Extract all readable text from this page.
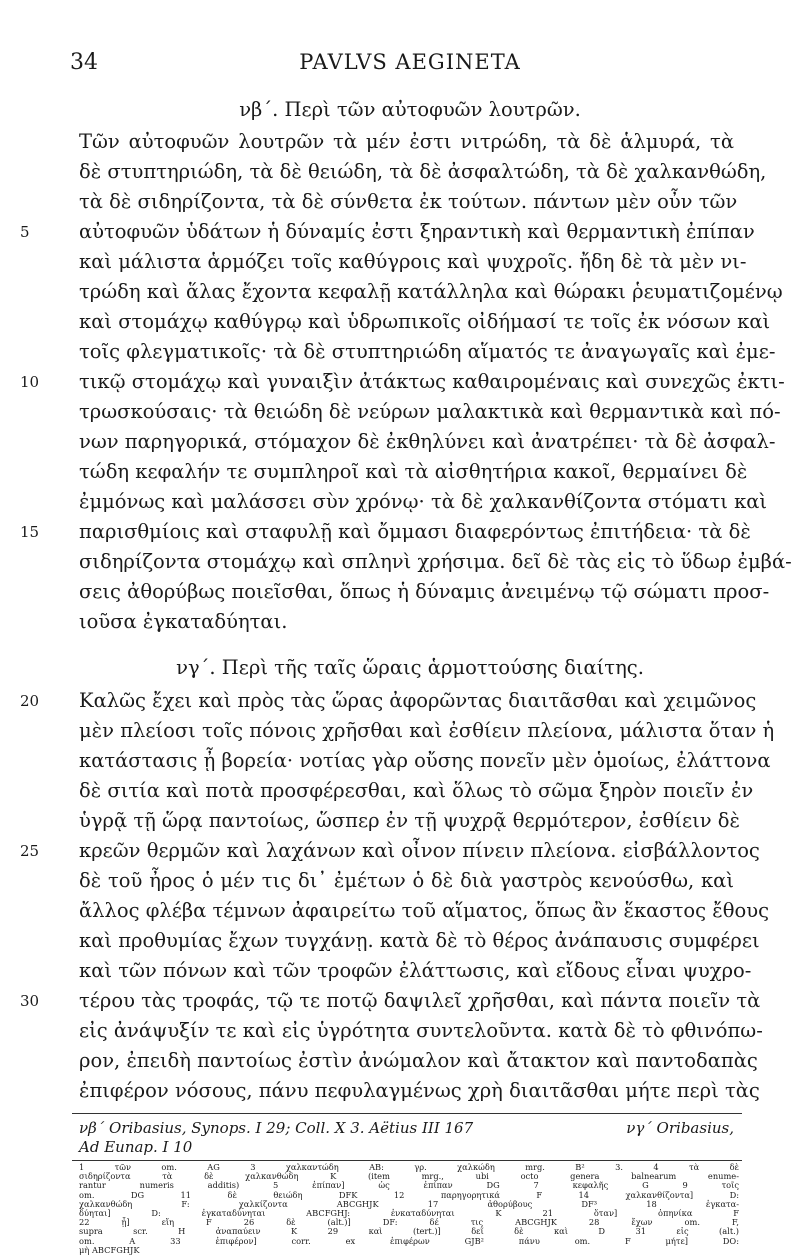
34	PAVLVS AEGINETA
νβ΄. Περὶ τῶν αὐτοφυῶν λουτρῶν.
Τῶν αὐτοφυῶν λουτρῶν τὰ μέν ἐστι νιτρώδη, τὰ δὲ ἁλμυρά, τὰ
δὲ στυπτηριώδη, τὰ δὲ θειώδη, τὰ δὲ ἀσφαλτώδη, τὰ δὲ χαλκανθώδη,
τὰ δὲ σιδηρίζοντα, τὰ δὲ σύνθετα ἐκ τούτων. πάντων μὲν οὖν τῶν
αὐτοφυῶν ὑδάτων ἡ δύναμίς ἐστι ξηραντικὴ καὶ θερμαντικὴ ἐπίπαν
καὶ μάλιστα ἁρμόζει τοῖς καθύγροις καὶ ψυχροῖς. ἤδη δὲ τὰ μὲν νι-
τρώδη καὶ ἅλας ἔχοντα κεφαλῇ κατάλληλα καὶ θώρακι ῥευματιζομένῳ
καὶ στομάχῳ καθύγρῳ καὶ ὑδρωπικοῖς οἰδήμασί τε τοῖς ἐκ νόσων καὶ
τοῖς φλεγματικοῖς· τὰ δὲ στυπτηριώδη αἵματός τε ἀναγωγαῖς καὶ ἐμε-
τικῷ στομάχῳ καὶ γυναιξὶν ἀτάκτως καθαιρομέναις καὶ συνεχῶς ἐκτι-
τρωσκούσαις· τὰ θειώδη δὲ νεύρων μαλακτικὰ καὶ θερμαντικὰ καὶ πό-
νων παρηγορικά, στόμαχον δὲ ἐκθηλύνει καὶ ἀνατρέπει· τὰ δὲ ἀσφαλ-
τώδη κεφαλήν τε συμπληροῖ καὶ τὰ αἰσθητήρια κακοῖ, θερμαίνει δὲ
ἐμμόνως καὶ μαλάσσει σὺν χρόνῳ· τὰ δὲ χαλκανθίζοντα στόματι καὶ
παρισθμίοις καὶ σταφυλῇ καὶ ὄμμασι διαφερόντως ἐπιτήδεια· τὰ δὲ
σιδηρίζοντα στομάχῳ καὶ σπληνὶ χρήσιμα. δεῖ δὲ τὰς εἰς τὸ ὕδωρ ἐμβά-
σεις ἀθορύβως ποιεῖσθαι, ὅπως ἡ δύναμις ἀνειμένῳ τῷ σώματι προσ-
ιοῦσα ἐγκαταδύηται.
νγ΄. Περὶ τῆς ταῖς ὥραις ἁρμοττούσης διαίτης.
Καλῶς ἔχει καὶ πρὸς τὰς ὥρας ἀφορῶντας διαιτᾶσθαι καὶ χειμῶνος
μὲν πλείοσι τοῖς πόνοις χρῆσθαι καὶ ἐσθίειν πλείονα, μάλιστα ὅταν ἡ
κατάστασις ᾖ βορεία· νοτίας γὰρ οὔσης πονεῖν μὲν ὁμοίως, ἐλάττονα
δὲ σιτία καὶ ποτὰ προσφέρεσθαι, καὶ ὅλως τὸ σῶμα ξηρὸν ποιεῖν ἐν
ὑγρᾷ τῇ ὥρᾳ παντοίως, ὥσπερ ἐν τῇ ψυχρᾷ θερμότερον, ἐσθίειν δὲ
κρεῶν θερμῶν καὶ λαχάνων καὶ οἶνον πίνειν πλείονα. εἰσβάλλοντος
δὲ τοῦ ἦρος ὁ μέν τις δι᾽ ἐμέτων ὁ δὲ διὰ γαστρὸς κενούσθω, καὶ
ἄλλος φλέβα τέμνων ἀφαιρείτω τοῦ αἵματος, ὅπως ἂν ἕκαστος ἔθους
καὶ προθυμίας ἔχων τυγχάνῃ. κατὰ δὲ τὸ θέρος ἀνάπαυσις συμφέρει
καὶ τῶν πόνων καὶ τῶν τροφῶν ἐλάττωσις, καὶ εἴδους εἶναι ψυχρο-
τέρου τὰς τροφάς, τῷ τε ποτῷ δαψιλεῖ χρῆσθαι, καὶ πάντα ποιεῖν τὰ
εἰς ἀνάψυξίν τε καὶ εἰς ὑγρότητα συντελοῦντα. κατὰ δὲ τὸ φθινόπω-
ρον, ἐπειδὴ παντοίως ἐστὶν ἀνώμαλον καὶ ἄτακτον καὶ παντοδαπὰς
ἐπιφέρον νόσους, πάνυ πεφυλαγμένως χρὴ διαιτᾶσθαι μήτε περὶ τὰς
5
10
15
20
25
30
νβ΄ Oribasius, Synops. I 29; Coll. X 3. Aëtius III 167	νγ΄ Oribasius,
Ad Eunap. I 10
1 τῶν om. AG 3 χαλκαντώδη AB: γρ. χαλκώδη mrg. B² 3. 4 τὰ δὲ
σιδηρίζοντα τὰ δὲ χαλκανθώδη K (item mrg., ubi octo genera balnearum enume-
rantur numeris additis) 5 ἐπίπαν] ὡς ἐπίπαν DG 7 κεφαλῆς G 9 τοῖς
om. DG 11 δὲ θειώδη DFK 12 παρηγορητικά F 14 χαλκανθίζοντα] D:
χαλκανθώδη F: χαλκίζοντα ABCGHJK 17 ἀθορύβους DF³ 18 ἐγκατα-
δύηται] D: ἐγκαταδύνηται ABCFGHJ: ἐνκαταδύνηται K 21 ὅταν] ὁπηνίκα F
22 ᾖ] εἴη F 26 δὲ (alt.)] DF: δέ τις ABCGHJK 28 ἔχων om. F,
supra scr. H ἀναπαύειν K 29 καὶ (tert.)] δεῖ δὲ καὶ D 31 εἰς (alt.)
om. A 33 ἐπιφέρον] corr. ex ἐπιφέρων GJB² πάνυ om. F μήτε] DO:
μὴ ABCFGHJK
